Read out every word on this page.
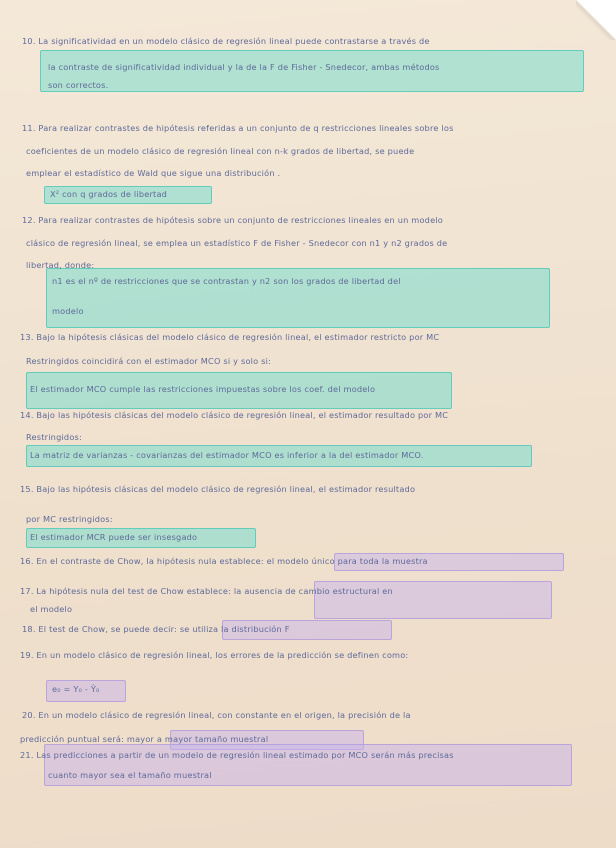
10. La significatividad en un modelo clásico de regresión lineal puede contrastarse a través de
la contraste de significatividad individual y la de la F de Fisher - Snedecor, ambas métodos
son correctos.
11. Para realizar contrastes de hipótesis referidas a un conjunto de q restricciones lineales sobre los
coeficientes de un modelo clásico de regresión lineal con n-k grados de libertad, se puede
emplear el estadístico de Wald que sigue una distribución .
X² con q grados de libertad
12. Para realizar contrastes de hipótesis sobre un conjunto de restricciones lineales en un modelo
clásico de regresión lineal, se emplea un estadístico F de Fisher - Snedecor con n1 y n2 grados de
libertad, donde:
n1 es el nº de restricciones que se contrastan y n2 son los grados de libertad del
modelo
13. Bajo la hipótesis clásicas del modelo clásico de regresión lineal, el estimador restricto por MC
Restringidos coincidirá con el estimador MCO si y solo si:
El estimador MCO cumple las restricciones impuestas sobre los coef. del modelo
14. Bajo las hipótesis clásicas del modelo clásico de regresión lineal, el estimador resultado por MC
Restringidos:
La matriz de varianzas - covarianzas del estimador MCO es inferior a la del estimador MCO.
15. Bajo las hipótesis clásicas del modelo clásico de regresión lineal, el estimador resultado
por MC restringidos:
El estimador MCR puede ser insesgado
16. En el contraste de Chow, la hipótesis nula establece: el modelo único para toda la muestra
17. La hipótesis nula del test de Chow establece: la ausencia de cambio estructural en
el modelo
18. El test de Chow, se puede decir: se utiliza la distribución F
19. En un modelo clásico de regresión lineal, los errores de la predicción se definen como:
e₀ = Y₀ - Ŷ₀
20. En un modelo clásico de regresión lineal, con constante en el origen, la precisión de la
predicción puntual será: mayor a mayor tamaño muestral
21. Las predicciones a partir de un modelo de regresión lineal estimado por MCO serán más precisas
cuanto mayor sea el tamaño muestral
